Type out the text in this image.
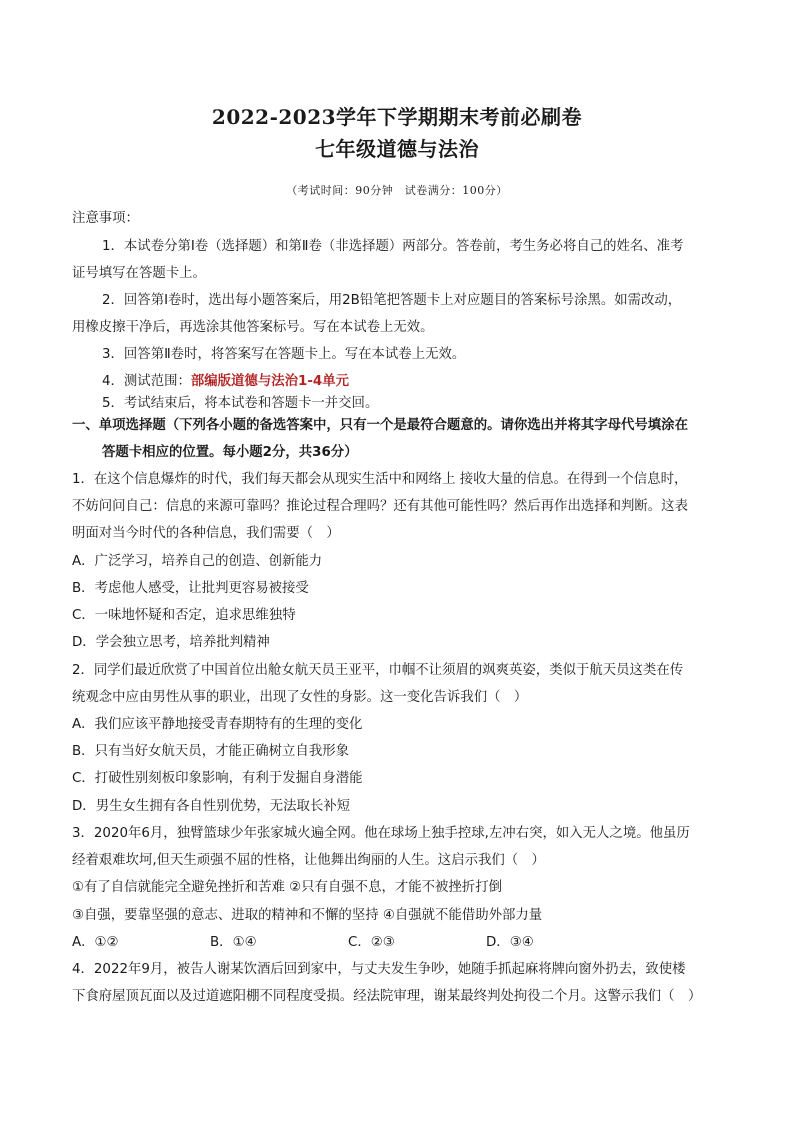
2022-2023学年下学期期末考前必刷卷
七年级道德与法治
（考试时间：90分钟　试卷满分：100分）
注意事项：
1．本试卷分第Ⅰ卷（选择题）和第Ⅱ卷（非选择题）两部分。答卷前，考生务必将自己的姓名、准考
证号填写在答题卡上。
2．回答第Ⅰ卷时，选出每小题答案后，用2B铅笔把答题卡上对应题目的答案标号涂黑。如需改动，
用橡皮擦干净后，再选涂其他答案标号。写在本试卷上无效。
3．回答第Ⅱ卷时，将答案写在答题卡上。写在本试卷上无效。
4．测试范围：部编版道德与法治1-4单元
5．考试结束后，将本试卷和答题卡一并交回。
一、单项选择题（下列各小题的备选答案中，只有一个是最符合题意的。请你选出并将其字母代号填涂在
答题卡相应的位置。每小题2分，共36分）
1．在这个信息爆炸的时代，我们每天都会从现实生活中和网络上 接收大量的信息。在得到一个信息时，
不妨问问自己：信息的来源可靠吗？推论过程合理吗？还有其他可能性吗？然后再作出选择和判断。这表
明面对当今时代的各种信息，我们需要（　）
A．广泛学习，培养自己的创造、创新能力
B．考虑他人感受，让批判更容易被接受
C．一味地怀疑和否定，追求思维独特
D．学会独立思考，培养批判精神
2．同学们最近欣赏了中国首位出舱女航天员王亚平，巾帼不让须眉的飒爽英姿，类似于航天员这类在传
统观念中应由男性从事的职业，出现了女性的身影。这一变化告诉我们（　）
A．我们应该平静地接受青春期特有的生理的变化
B．只有当好女航天员，才能正确树立自我形象
C．打破性别刻板印象影响，有利于发掘自身潜能
D．男生女生拥有各自性别优势，无法取长补短
3．2020年6月，独臂篮球少年张家城火遍全网。他在球场上独手控球,左冲右突，如入无人之境。他虽历
经着艰难坎坷,但天生顽强不屈的性格，让他舞出绚丽的人生。这启示我们（　）
①有了自信就能完全避免挫折和苦难 ②只有自强不息，才能不被挫折打倒
③自强，要靠坚强的意志、进取的精神和不懈的坚持 ④自强就不能借助外部力量
A．①②	B．①④	C．②③	D．③④
4．2022年9月，被告人谢某饮酒后回到家中，与丈夫发生争吵，她随手抓起麻将牌向窗外扔去，致使楼
下食府屋顶瓦面以及过道遮阳棚不同程度受损。经法院审理，谢某最终判处拘役二个月。这警示我们（　）
